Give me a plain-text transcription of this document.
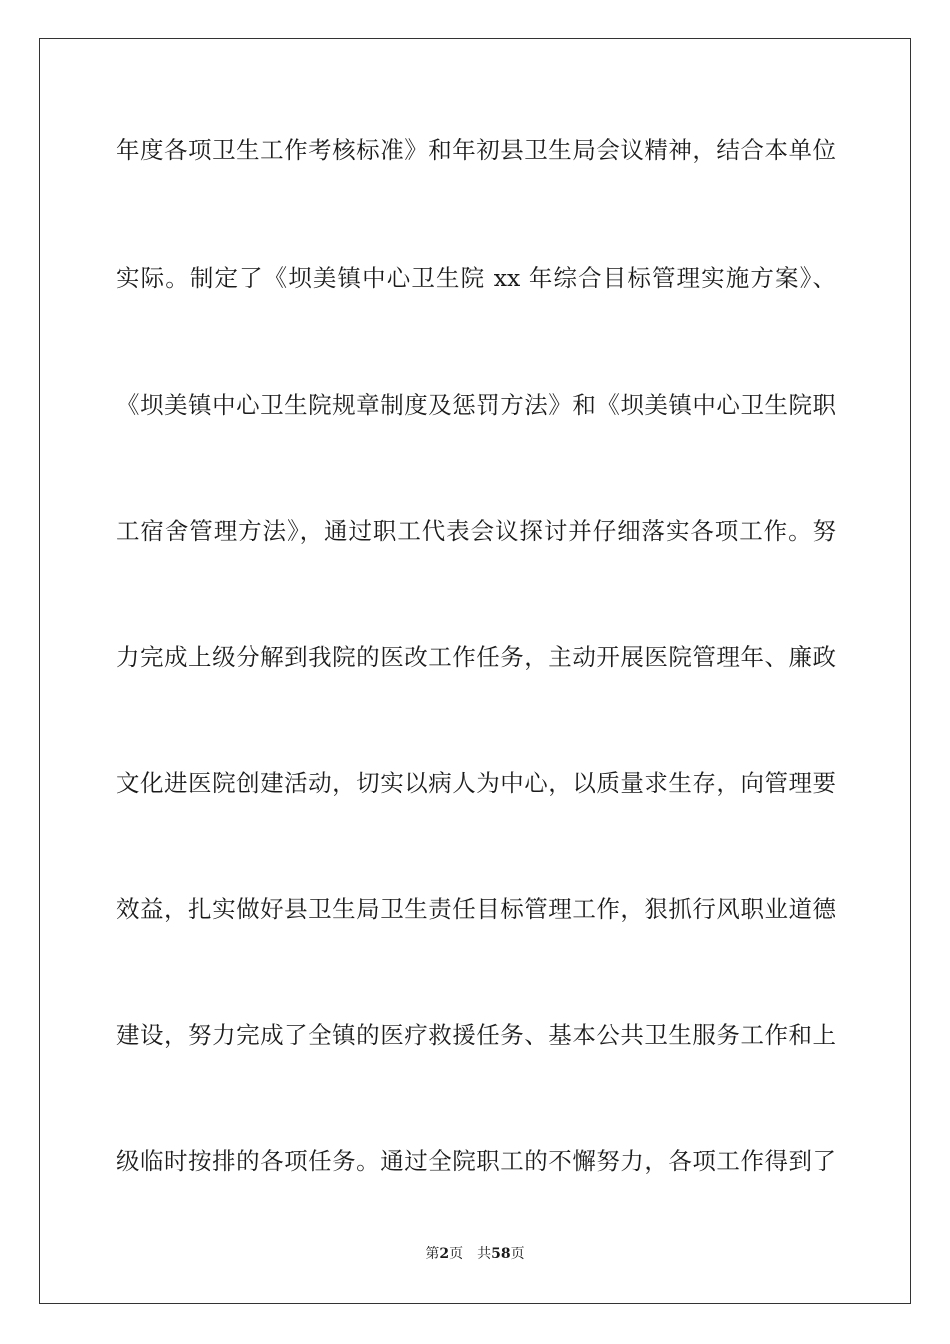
年度各项卫生工作考核标准》和年初县卫生局会议精神，结合本单位
实际。制定了《坝美镇中心卫生院 xx 年综合目标管理实施方案》、
《坝美镇中心卫生院规章制度及惩罚方法》和《坝美镇中心卫生院职
工宿舍管理方法》，通过职工代表会议探讨并仔细落实各项工作。努
力完成上级分解到我院的医改工作任务，主动开展医院管理年、廉政
文化进医院创建活动，切实以病人为中心，以质量求生存，向管理要
效益，扎实做好县卫生局卫生责任目标管理工作，狠抓行风职业道德
建设，努力完成了全镇的医疗救援任务、基本公共卫生服务工作和上
级临时按排的各项任务。通过全院职工的不懈努力，各项工作得到了
第2页 共58页
